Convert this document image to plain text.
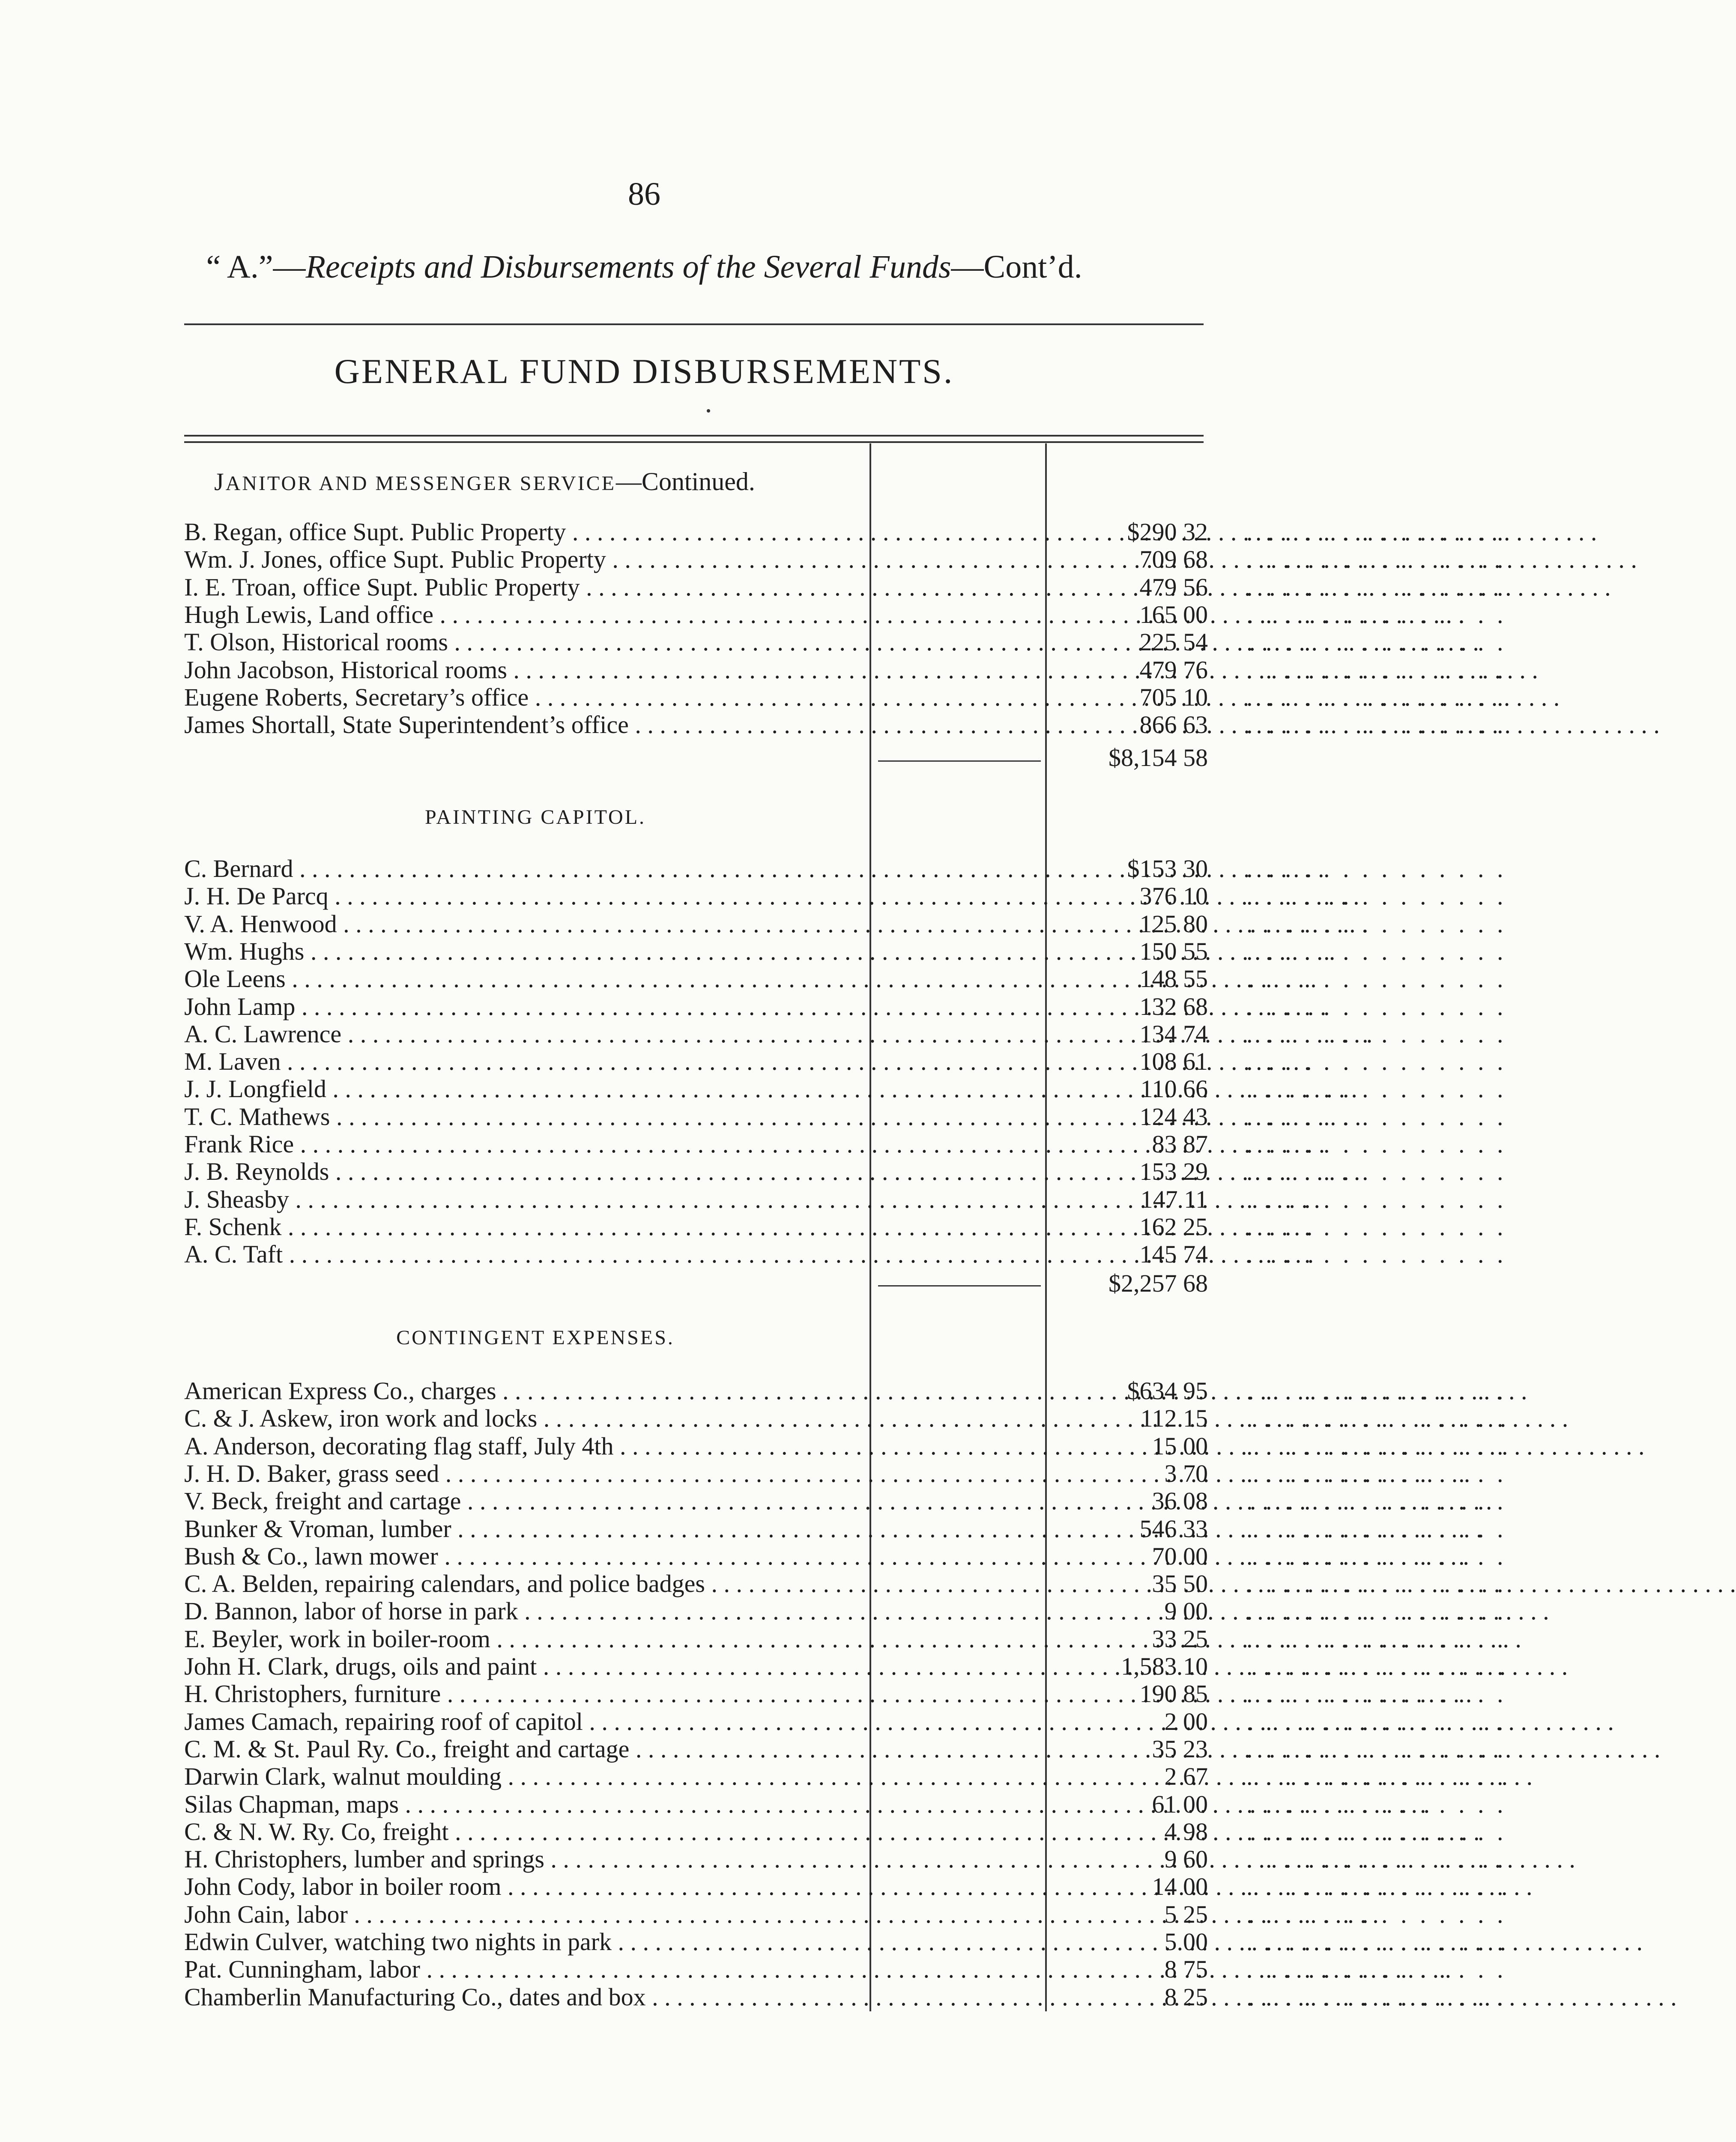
86
“ A.”—Receipts and Disbursements of the Several Funds—Cont’d.
GENERAL FUND DISBURSEMENTS.
JANITOR AND MESSENGER SERVICE—Continued.
B. Regan, office Supt. Public Property . . .	$290 32 . . . . . . . . . . . . . .
Wm. J. Jones, office Supt. Public Property . . .	709 68 . . . . . . . . . . . . . .
I. E. Troan, office Supt. Public Property . . .	479 56 . . . . . . . . . . . . . .
Hugh Lewis, Land office . . .	165 00 . . . . . . . . . . . . . .
T. Olson, Historical rooms . . .	225 54 . . . . . . . . . . . . . .
John Jacobson, Historical rooms . . .	479 76 . . . . . . . . . . . . . .
Eugene Roberts, Secretary’s office . . .	705 10 . . . . . . . . . . . . . .
James Shortall, State Superintendent’s office . . .	866 63 . . . . . . . . . . . . . .
$8,154 58
PAINTING CAPITOL.
C. Bernard . . .	$153 30 . . . . . . . . . . . . . .
J. H. De Parcq . . .	376 10 . . . . . . . . . . . . . .
V. A. Henwood . . .	125 80 . . . . . . . . . . . . . .
Wm. Hughs . . .	150 55 . . . . . . . . . . . . . .
Ole Leens . . .	148 55 . . . . . . . . . . . . . .
John Lamp . . .	132 68 . . . . . . . . . . . . . .
A. C. Lawrence . . .	134 74 . . . . . . . . . . . . . .
M. Laven . . .	108 61 . . . . . . . . . . . . . .
J. J. Longfield . . .	110 66 . . . . . . . . . . . . . .
T. C. Mathews . . .	124 43 . . . . . . . . . . . . . .
Frank Rice . . .	83 87 . . . . . . . . . . . . . .
J. B. Reynolds . . .	153 29 . . . . . . . . . . . . . .
J. Sheasby . . .	147 11 . . . . . . . . . . . . . .
F. Schenk . . .	162 25 . . . . . . . . . . . . . .
A. C. Taft . . .	145 74 . . . . . . . . . . . . . .
$2,257 68
CONTINGENT EXPENSES.
American Express Co., charges . . .	$634 95 . . . . . . . . . . . . . .
C. & J. Askew, iron work and locks . . .	112 15 . . . . . . . . . . . . . .
A. Anderson, decorating flag staff, July 4th . . .	15 00 . . . . . . . . . . . . . .
J. H. D. Baker, grass seed . . .	3 70 . . . . . . . . . . . . . .
V. Beck, freight and cartage . . .	36 08 . . . . . . . . . . . . . .
Bunker & Vroman, lumber . . .	546 33 . . . . . . . . . . . . . .
Bush & Co., lawn mower . . .	70 00 . . . . . . . . . . . . . .
C. A. Belden, repairing calendars, and police badges . . .	35 50 . . . . . . . . . . . . . .
D. Bannon, labor of horse in park . . .	9 00 . . . . . . . . . . . . . .
E. Beyler, work in boiler-room . . .	33 25 . . . . . . . . . . . . . .
John H. Clark, drugs, oils and paint . . .	1,583 10 . . . . . . . . . . . . . .
H. Christophers, furniture . . .	190 85 . . . . . . . . . . . . . .
James Camach, repairing roof of capitol . . .	2 00 . . . . . . . . . . . . . .
C. M. & St. Paul Ry. Co., freight and cartage . . .	35 23 . . . . . . . . . . . . . .
Darwin Clark, walnut moulding . . .	2 67 . . . . . . . . . . . . . .
Silas Chapman, maps . . .	61 00 . . . . . . . . . . . . . .
C. & N. W. Ry. Co, freight . . .	4 98 . . . . . . . . . . . . . .
H. Christophers, lumber and springs . . .	9 60 . . . . . . . . . . . . . .
John Cody, labor in boiler room . . .	14 00 . . . . . . . . . . . . . .
John Cain, labor . . .	5 25 . . . . . . . . . . . . . .
Edwin Culver, watching two nights in park . . .	5 00 . . . . . . . . . . . . . .
Pat. Cunningham, labor . . .	8 75 . . . . . . . . . . . . . .
Chamberlin Manufacturing Co., dates and box . . .	8 25 . . . . . . . . . . . . . .
